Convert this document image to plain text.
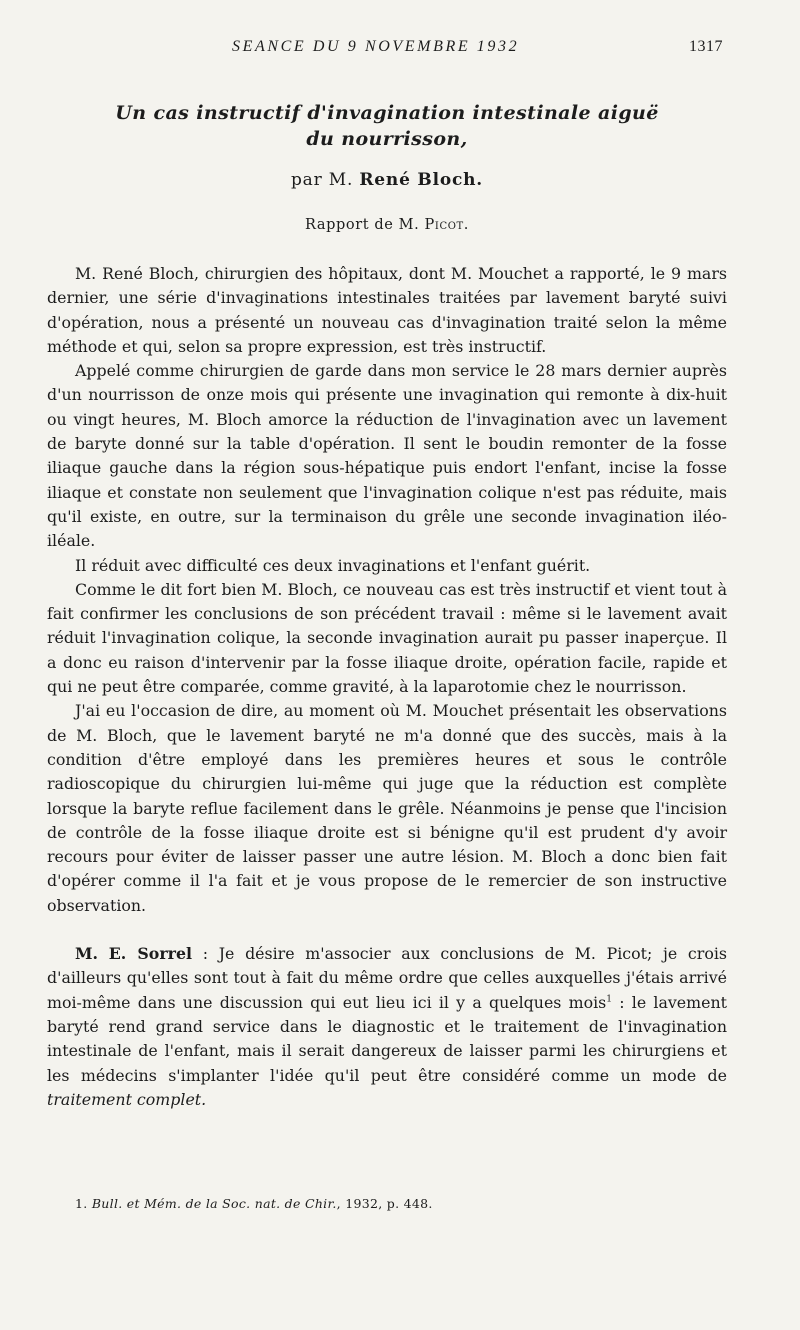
SEANCE DU 9 NOVEMBRE 1932	1317
Un cas instructif d'invagination intestinale aiguë
du nourrisson,
par M. René Bloch.
Rapport de M. Picot.

M. René Bloch, chirurgien des hôpitaux, dont M. Mouchet a rapporté, le 9 mars dernier, une série d'invaginations intestinales traitées par lavement baryté suivi d'opération, nous a présenté un nouveau cas d'invagination traité selon la même méthode et qui, selon sa propre expression, est très instructif.

Appelé comme chirurgien de garde dans mon service le 28 mars dernier auprès d'un nourrisson de onze mois qui présente une invagination qui remonte à dix-huit ou vingt heures, M. Bloch amorce la réduction de l'invagination avec un lavement de baryte donné sur la table d'opération. Il sent le boudin remonter de la fosse iliaque gauche dans la région sous-hépatique puis endort l'enfant, incise la fosse iliaque et constate non seulement que l'invagination colique n'est pas réduite, mais qu'il existe, en outre, sur la terminaison du grêle une seconde invagination iléo-iléale.

Il réduit avec difficulté ces deux invaginations et l'enfant guérit.

Comme le dit fort bien M. Bloch, ce nouveau cas est très instructif et vient tout à fait confirmer les conclusions de son précédent travail : même si le lavement avait réduit l'invagination colique, la seconde invagination aurait pu passer inaperçue. Il a donc eu raison d'intervenir par la fosse iliaque droite, opération facile, rapide et qui ne peut être comparée, comme gravité, à la laparotomie chez le nourrisson.

J'ai eu l'occasion de dire, au moment où M. Mouchet présentait les observations de M. Bloch, que le lavement baryté ne m'a donné que des succès, mais à la condition d'être employé dans les premières heures et sous le contrôle radioscopique du chirurgien lui-même qui juge que la réduction est complète lorsque la baryte reflue facilement dans le grêle. Néanmoins je pense que l'incision de contrôle de la fosse iliaque droite est si bénigne qu'il est prudent d'y avoir recours pour éviter de laisser passer une autre lésion. M. Bloch a donc bien fait d'opérer comme il l'a fait et je vous propose de le remercier de son instructive observation.

M. E. Sorrel : Je désire m'associer aux conclusions de M. Picot; je crois d'ailleurs qu'elles sont tout à fait du même ordre que celles auxquelles j'étais arrivé moi-même dans une discussion qui eut lieu ici il y a quelques mois$^1$ : le lavement baryté rend grand service dans le diagnostic et le traitement de l'invagination intestinale de l'enfant, mais il serait dangereux de laisser parmi les chirurgiens et les médecins s'implanter l'idée qu'il peut être considéré comme un mode de traitement complet.

1. Bull. et Mém. de la Soc. nat. de Chir., 1932, p. 448.
